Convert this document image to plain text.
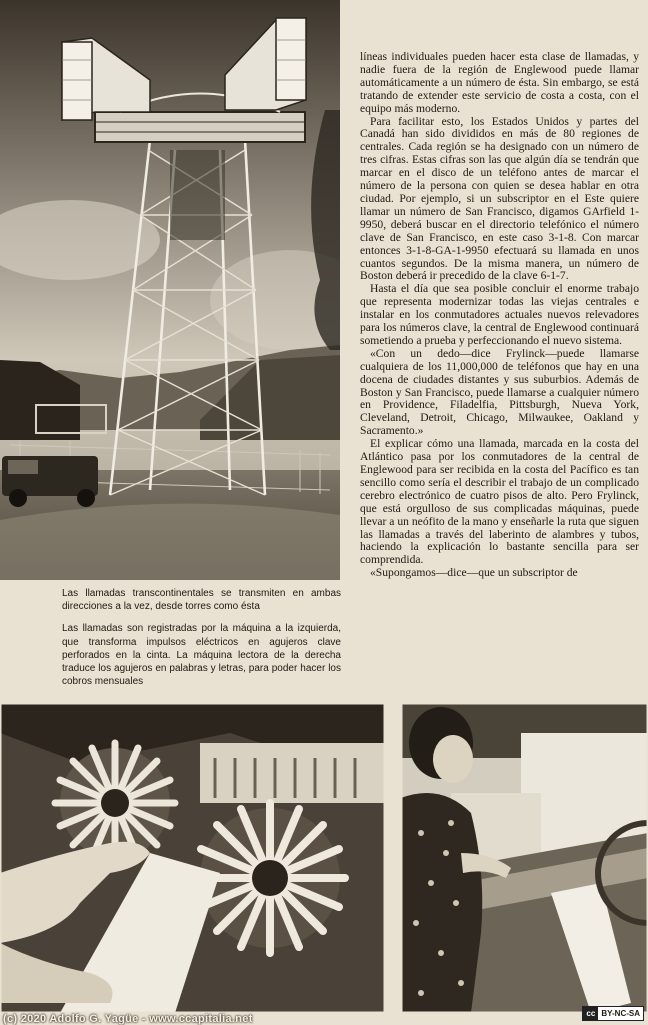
Las llamadas transcontinentales se transmiten en ambas direcciones a la vez, desde torres como ésta

Las llamadas son registradas por la máquina a la izquierda, que transforma impulsos eléctricos en agujeros clave perforados en la cinta. La máquina lectora de la derecha traduce los agujeros en palabras y letras, para poder hacer los cobros mensuales

líneas individuales pueden hacer esta clase de llamadas, y nadie fuera de la región de Englewood puede llamar automáticamente a un número de ésta. Sin embargo, se está tratando de extender este servicio de costa a costa, con el equipo más moderno.

Para facilitar esto, los Estados Unidos y partes del Canadá han sido divididos en más de 80 regiones de centrales. Cada región se ha designado con un número de tres cifras. Estas cifras son las que algún día se tendrán que marcar en el disco de un teléfono antes de marcar el número de la persona con quien se desea hablar en otra ciudad. Por ejemplo, si un subscriptor en el Este quiere llamar un número de San Francisco, digamos GArfield 1-9950, deberá buscar en el directorio telefónico el número clave de San Francisco, en este caso 3-1-8. Con marcar entonces 3-1-8-GA-1-9950 efectuará su llamada en unos cuantos segundos. De la misma manera, un número de Boston deberá ir precedido de la clave 6-1-7.

Hasta el día que sea posible concluir el enorme trabajo que representa modernizar todas las viejas centrales e instalar en los conmutadores actuales nuevos relevadores para los números clave, la central de Englewood continuará sometiendo a prueba y perfeccionando el nuevo sistema.

«Con un dedo—dice Frylinck—puede llamarse cualquiera de los 11,000,000 de teléfonos que hay en una docena de ciudades distantes y sus suburbios. Además de Boston y San Francisco, puede llamarse a cualquier número en Providence, Filadelfia, Pittsburgh, Nueva York, Cleveland, Detroit, Chicago, Milwaukee, Oakland y Sacramento.»

El explicar cómo una llamada, marcada en la costa del Atlántico pasa por los conmutadores de la central de Englewood para ser recibida en la costa del Pacífico es tan sencillo como sería el describir el trabajo de un complicado cerebro electrónico de cuatro pisos de alto. Pero Frylinck, que está orgulloso de sus complicadas máquinas, puede llevar a un neófito de la mano y enseñarle la ruta que siguen las llamadas a través del laberinto de alambres y tubos, haciendo la explicación lo bastante sencilla para ser comprendida.

«Supongamos—dice—que un subscriptor de

(c) 2020 Adolfo G. Yagüe - www.ccapitalia.net	cc BY-NC-SA
